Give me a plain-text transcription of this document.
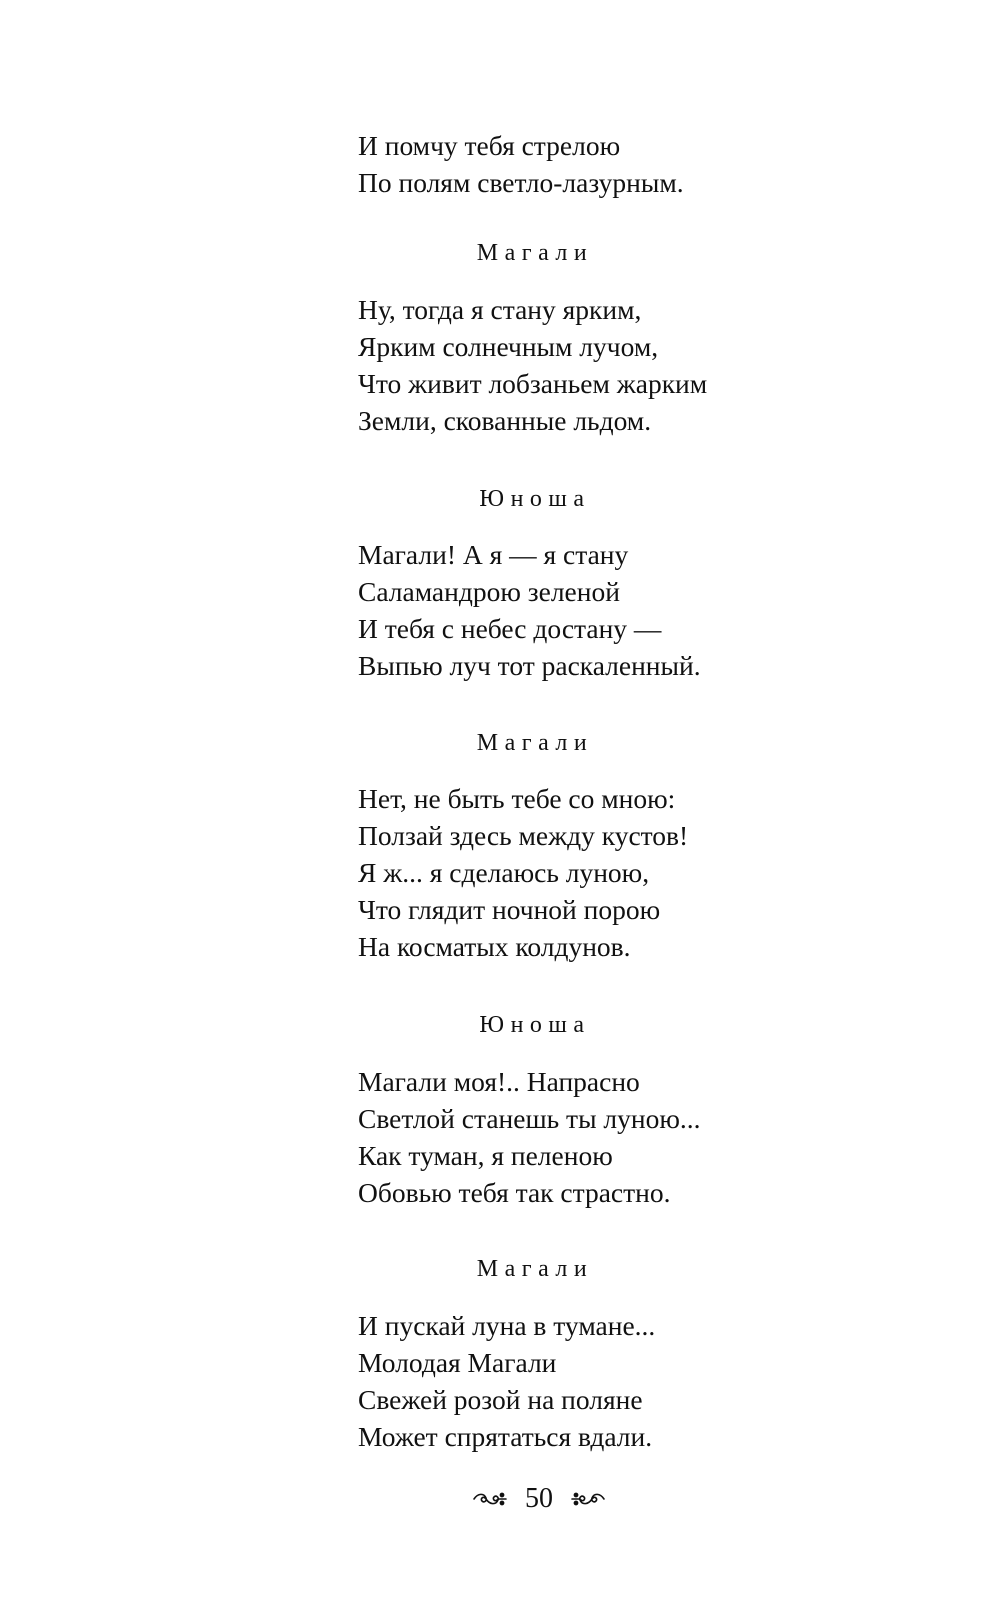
И помчу тебя стрелою

По полям светло-лазурным.

Магали

Ну, тогда я стану ярким,

Ярким солнечным лучом,

Что живит лобзаньем жарким

Земли, скованные льдом.

Юноша

Магали! А я — я стану

Саламандрою зеленой

И тебя с небес достану —

Выпью луч тот раскаленный.

Магали

Нет, не быть тебе со мною:

Ползай здесь между кустов!

Я ж... я сделаюсь луною,

Что глядит ночной порою

На косматых колдунов.

Юноша

Магали моя!.. Напрасно

Светлой станешь ты луною...

Как туман, я пеленою

Обовью тебя так страстно.

Магали

И пускай луна в тумане...

Молодая Магали

Свежей розой на поляне

Может спрятаться вдали.

50
